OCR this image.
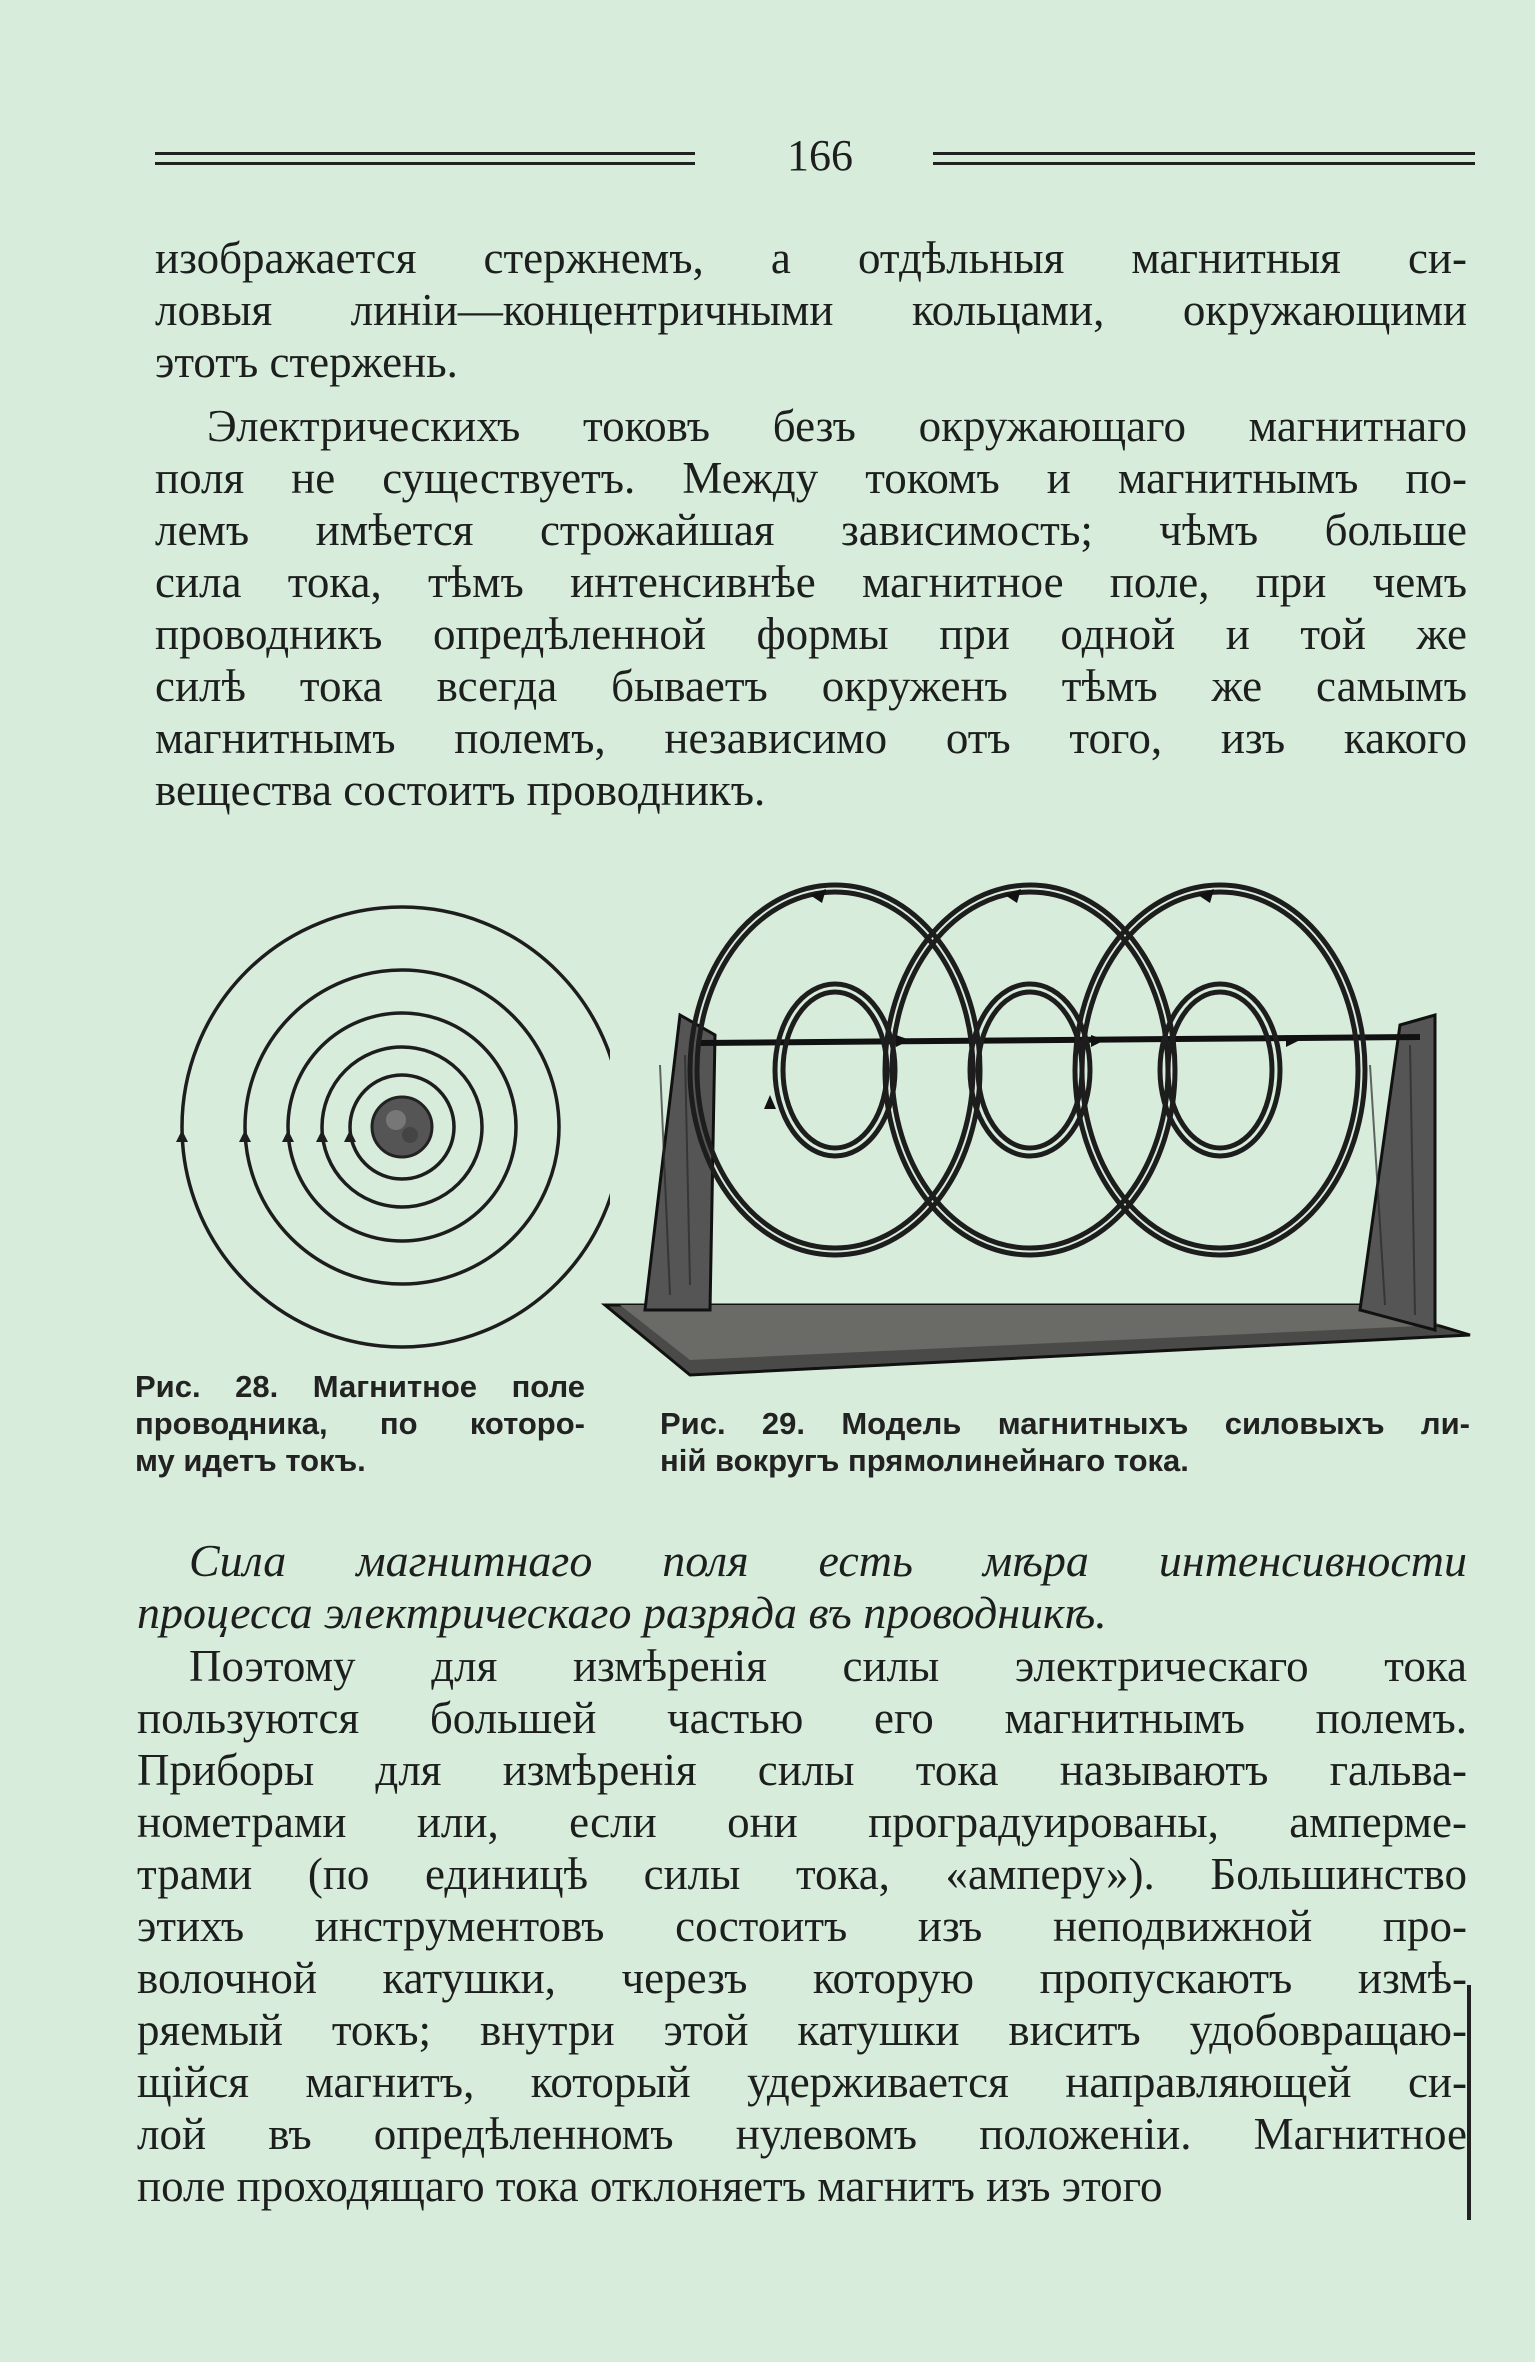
166

изображается стержнемъ, а отдѣльныя магнитныя си-
ловыя линіи—концентричными кольцами, окружающими
этотъ стержень.

Электрическихъ токовъ безъ окружающаго магнитнаго
поля не существуетъ. Между токомъ и магнитнымъ по-
лемъ имѣется строжайшая зависимость; чѣмъ больше
сила тока, тѣмъ интенсивнѣе магнитное поле, при чемъ
проводникъ опредѣленной формы при одной и той же
силѣ тока всегда бываетъ окруженъ тѣмъ же самымъ
магнитнымъ полемъ, независимо отъ того, изъ какого
вещества состоитъ проводникъ.

Рис. 28. Магнитное поле
проводника, по которо-
му идетъ токъ.
Рис. 29. Модель магнитныхъ силовыхъ ли-
ній вокругъ прямолинейнаго тока.

Сила магнитнаго поля есть мѣра интенсивности
процесса электрическаго разряда въ проводникѣ.

Поэтому для измѣренія силы электрическаго тока
пользуются большей частью его магнитнымъ полемъ.
Приборы для измѣренія силы тока называютъ гальва-
нометрами или, если они проградуированы, амперме-
трами (по единицѣ силы тока, «амперу»). Большинство
этихъ инструментовъ состоитъ изъ неподвижной про-
волочной катушки, черезъ которую пропускаютъ измѣ-
ряемый токъ; внутри этой катушки виситъ удобовращаю-
щійся магнитъ, который удерживается направляющей си-
лой въ опредѣленномъ нулевомъ положеніи. Магнитное
поле проходящаго тока отклоняетъ магнитъ изъ этого
